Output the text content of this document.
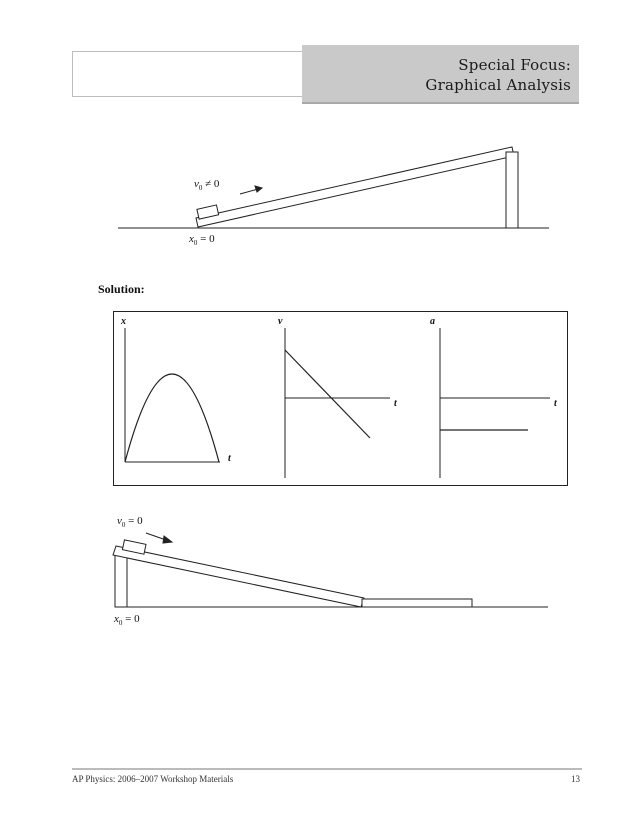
Special Focus:
Graphical Analysis
$v_0 \ne 0$
$x_0 = 0$
Solution:
x
t
v
t
a
t
$v_0 = 0$
$x_0 = 0$
AP Physics: 2006–2007 Workshop Materials	13
